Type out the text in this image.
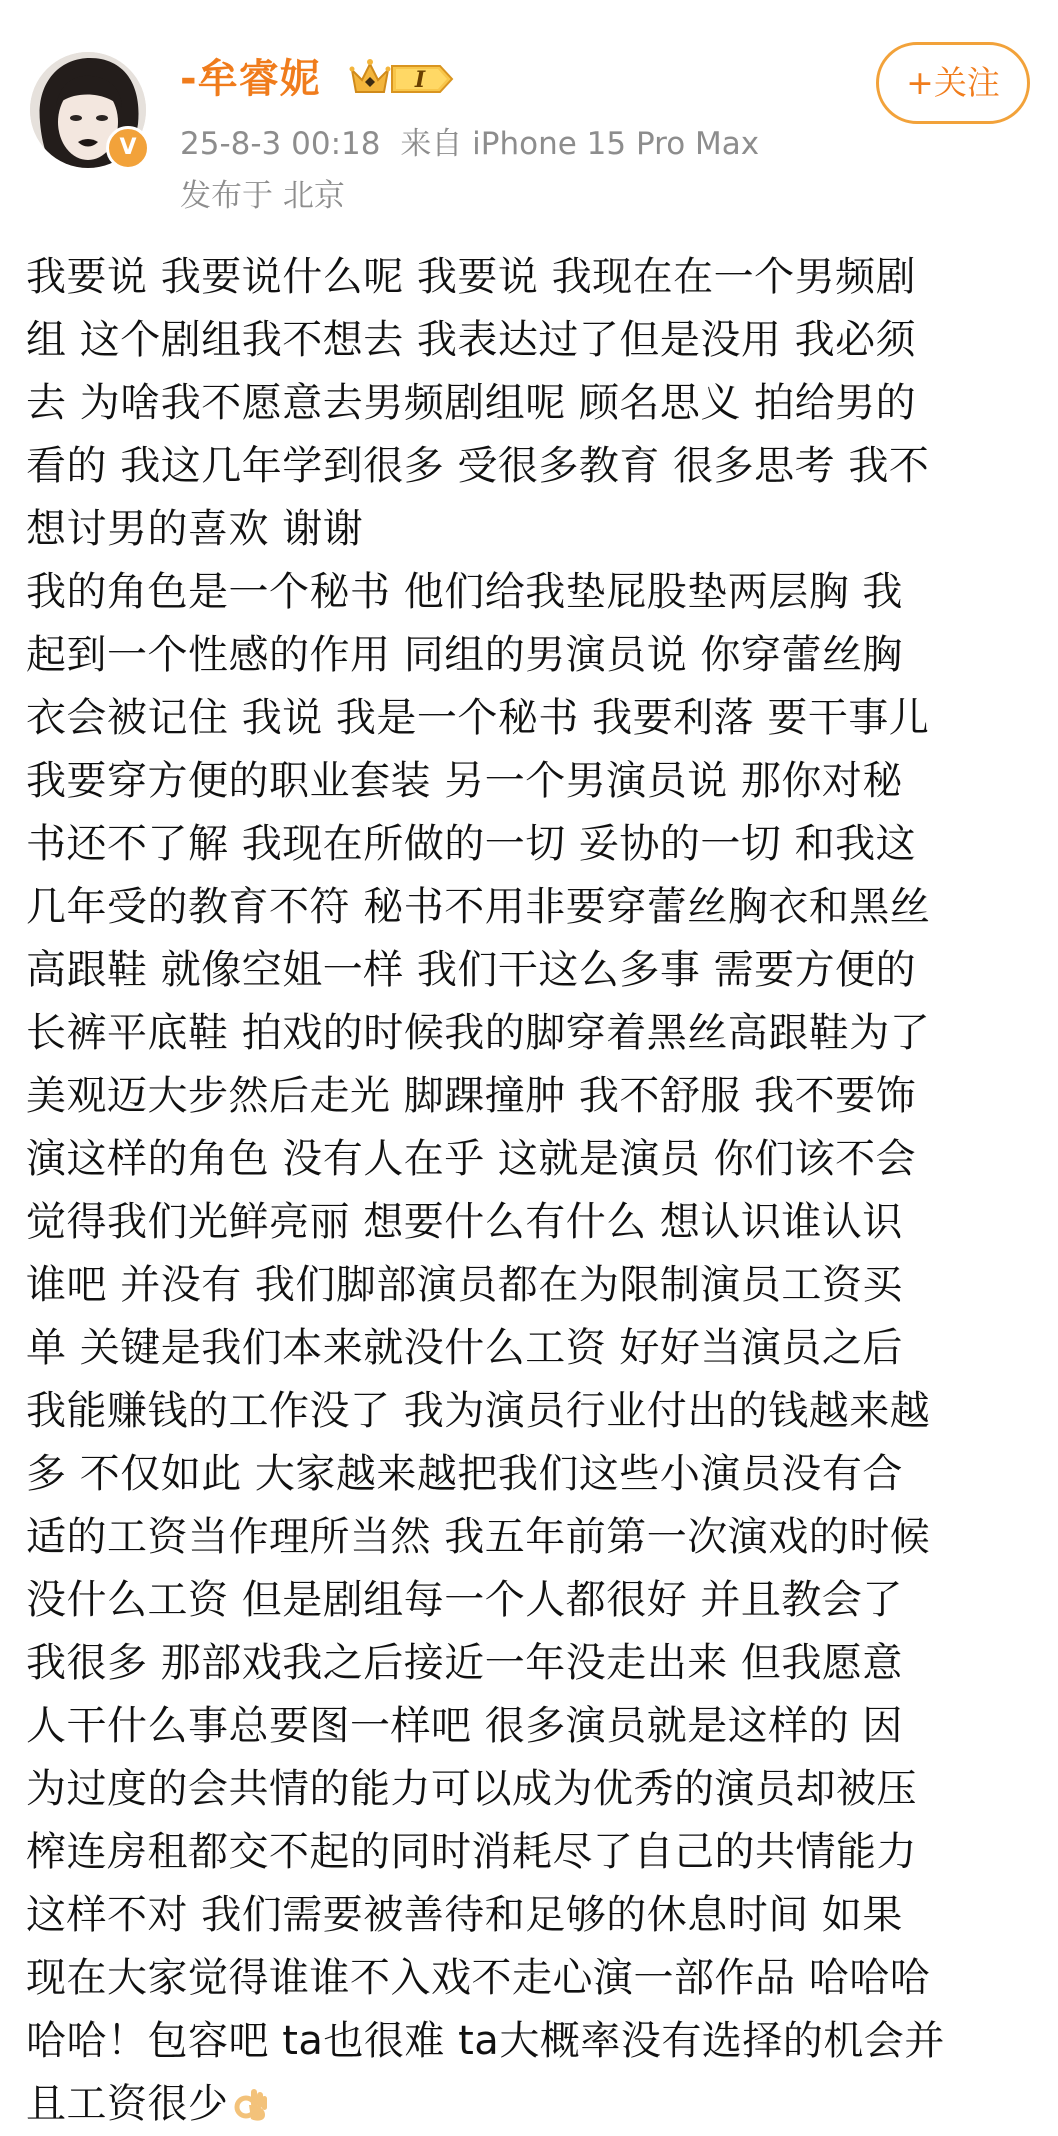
V
-牟睿妮	I
25-8-3 00:18 来自 iPhone 15 Pro Max
发布于 北京
+关注
我要说 我要说什么呢 我要说 我现在在一个男频剧
组 这个剧组我不想去 我表达过了但是没用 我必须
去 为啥我不愿意去男频剧组呢 顾名思义 拍给男的
看的 我这几年学到很多 受很多教育 很多思考 我不
想讨男的喜欢 谢谢
我的角色是一个秘书 他们给我垫屁股垫两层胸 我
起到一个性感的作用 同组的男演员说 你穿蕾丝胸
衣会被记住 我说 我是一个秘书 我要利落 要干事儿
我要穿方便的职业套装 另一个男演员说 那你对秘
书还不了解 我现在所做的一切 妥协的一切 和我这
几年受的教育不符 秘书不用非要穿蕾丝胸衣和黑丝
高跟鞋 就像空姐一样 我们干这么多事 需要方便的
长裤平底鞋 拍戏的时候我的脚穿着黑丝高跟鞋为了
美观迈大步然后走光 脚踝撞肿 我不舒服 我不要饰
演这样的角色 没有人在乎 这就是演员 你们该不会
觉得我们光鲜亮丽 想要什么有什么 想认识谁认识
谁吧 并没有 我们脚部演员都在为限制演员工资买
单 关键是我们本来就没什么工资 好好当演员之后
我能赚钱的工作没了 我为演员行业付出的钱越来越
多 不仅如此 大家越来越把我们这些小演员没有合
适的工资当作理所当然 我五年前第一次演戏的时候
没什么工资 但是剧组每一个人都很好 并且教会了
我很多 那部戏我之后接近一年没走出来 但我愿意
人干什么事总要图一样吧 很多演员就是这样的 因
为过度的会共情的能力可以成为优秀的演员却被压
榨连房租都交不起的同时消耗尽了自己的共情能力
这样不对 我们需要被善待和足够的休息时间 如果
现在大家觉得谁谁不入戏不走心演一部作品 哈哈哈
哈哈！包容吧 ta也很难 ta大概率没有选择的机会并
且工资很少
